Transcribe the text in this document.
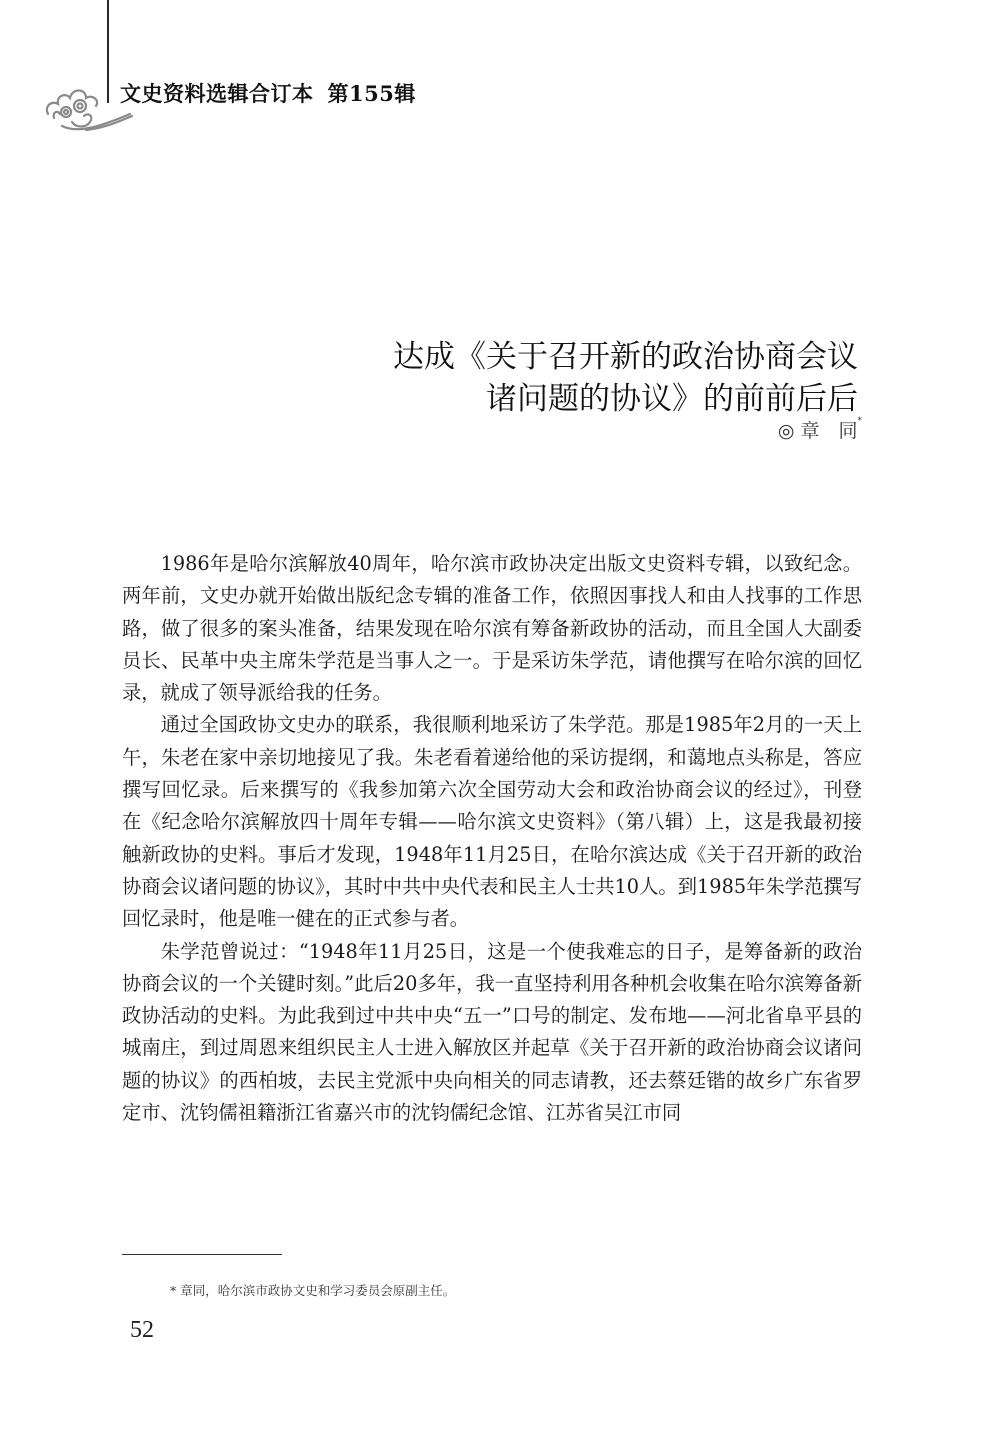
文史资料选辑合订本 第155辑
达成《关于召开新的政治协商会议
诸问题的协议》的前前后后
◎ 章　同*

1986年是哈尔滨解放40周年，哈尔滨市政协决定出版文史资料专辑，以致纪念。两年前，文史办就开始做出版纪念专辑的准备工作，依照因事找人和由人找事的工作思路，做了很多的案头准备，结果发现在哈尔滨有筹备新政协的活动，而且全国人大副委员长、民革中央主席朱学范是当事人之一。于是采访朱学范，请他撰写在哈尔滨的回忆录，就成了领导派给我的任务。

通过全国政协文史办的联系，我很顺利地采访了朱学范。那是1985年2月的一天上午，朱老在家中亲切地接见了我。朱老看着递给他的采访提纲，和蔼地点头称是，答应撰写回忆录。后来撰写的《我参加第六次全国劳动大会和政治协商会议的经过》，刊登在《纪念哈尔滨解放四十周年专辑——哈尔滨文史资料》（第八辑）上，这是我最初接触新政协的史料。事后才发现，1948年11月25日，在哈尔滨达成《关于召开新的政治协商会议诸问题的协议》，其时中共中央代表和民主人士共10人。到1985年朱学范撰写回忆录时，他是唯一健在的正式参与者。

朱学范曾说过：“1948年11月25日，这是一个使我难忘的日子，是筹备新的政治协商会议的一个关键时刻。”此后20多年，我一直坚持利用各种机会收集在哈尔滨筹备新政协活动的史料。为此我到过中共中央“五一”口号的制定、发布地——河北省阜平县的城南庄，到过周恩来组织民主人士进入解放区并起草《关于召开新的政治协商会议诸问题的协议》的西柏坡，去民主党派中央向相关的同志请教，还去蔡廷锴的故乡广东省罗定市、沈钧儒祖籍浙江省嘉兴市的沈钧儒纪念馆、江苏省吴江市同

* 章同，哈尔滨市政协文史和学习委员会原副主任。
52
